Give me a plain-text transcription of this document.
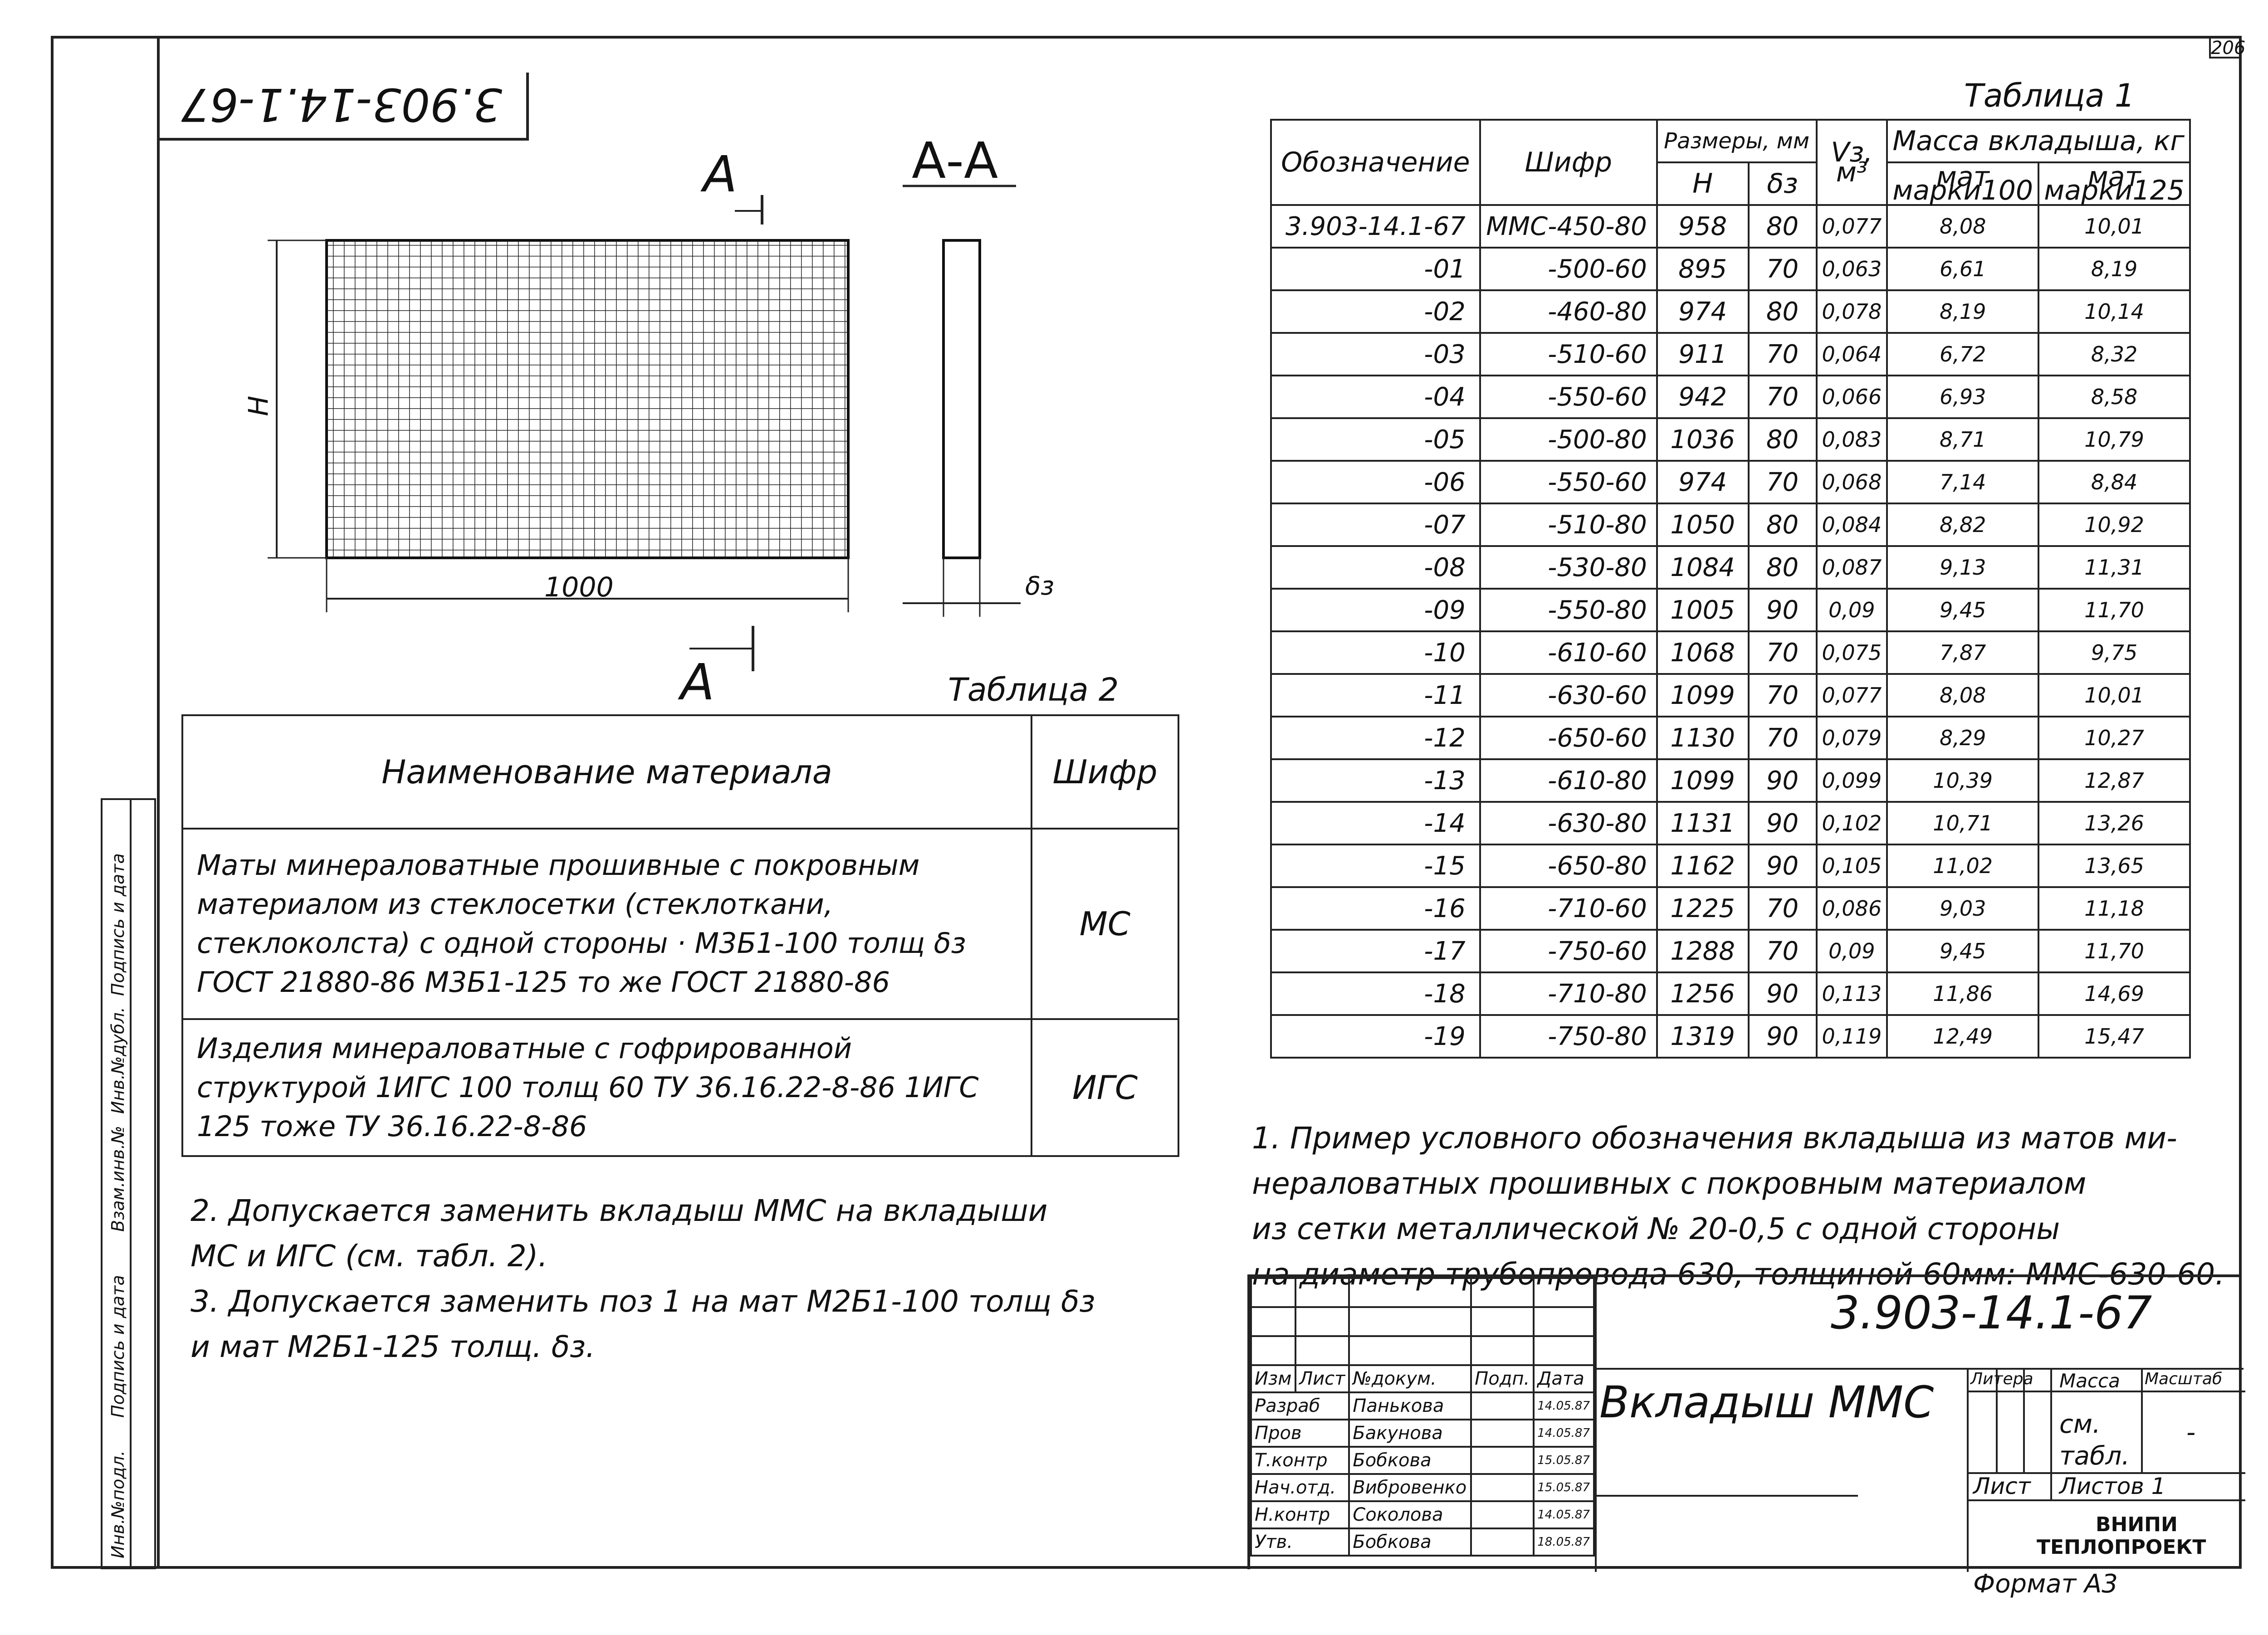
206
3.903-14.1-67
Инв.№подл.
Подпись и дата
Взам.инв.№
Инв.№дубл.
Подпись и дата
А
А
А-А
H
1000	δз
Таблица 1
Обозначение	Шифр	Размеры, мм		Vз, м³	Масса вкладыша, кг	
		H	δз		мат марки100	мат марки125
3.903-14.1-67	ММС-450-80	958	80	0,077	8,08	10,01
-01	-500-60	895	70	0,063	6,61	8,19
-02	-460-80	974	80	0,078	8,19	10,14
-03	-510-60	911	70	0,064	6,72	8,32
-04	-550-60	942	70	0,066	6,93	8,58
-05	-500-80	1036	80	0,083	8,71	10,79
-06	-550-60	974	70	0,068	7,14	8,84
-07	-510-80	1050	80	0,084	8,82	10,92
-08	-530-80	1084	80	0,087	9,13	11,31
-09	-550-80	1005	90	0,09	9,45	11,70
-10	-610-60	1068	70	0,075	7,87	9,75
-11	-630-60	1099	70	0,077	8,08	10,01
-12	-650-60	1130	70	0,079	8,29	10,27
-13	-610-80	1099	90	0,099	10,39	12,87
-14	-630-80	1131	90	0,102	10,71	13,26
-15	-650-80	1162	90	0,105	11,02	13,65
-16	-710-60	1225	70	0,086	9,03	11,18
-17	-750-60	1288	70	0,09	9,45	11,70
-18	-710-80	1256	90	0,113	11,86	14,69
-19	-750-80	1319	90	0,119	12,49	15,47
Таблица 2
Наименование материала	Шифр
Маты минераловатные прошивные с покровным материалом из стеклосетки (стеклоткани, стеклоколста) с одной стороны · М3Б1-100 толщ δз ГОСТ 21880-86 М3Б1-125 то же ГОСТ 21880-86	МС
Изделия минераловатные с гофрированной структурой 1ИГС 100 толщ 60 ТУ 36.16.22-8-86 1ИГС 125 тоже ТУ 36.16.22-8-86	ИГС
1. Пример условного обозначения вкладыша из матов ми-
нераловатных прошивных с покровным материалом
из сетки металлической № 20-0,5 с одной стороны
на диаметр трубопровода 630, толщиной 60мм: ММС-630-60.
2. Допускается заменить вкладыш ММС на вкладыши
МС и ИГС (см. табл. 2).
3. Допускается заменить поз 1 на мат М2Б1-100 толщ δз
и мат М2Б1-125 толщ. δз.

Изм	Лист	№докум.	Подп.	Дата
Разраб		Паньковa		14.05.87
Пров		Бакунова		14.05.87
Т.контр		Бобкова		15.05.87
Нач.отд.		Вибровенко		15.05.87
Н.контр		Соколова		14.05.87
Утв.		Бобкова		18.05.87
3.903-14.1-67
Вкладыш ММС Литера Масса Масштаб
см. табл.
-
Лист Листов 1
ВНИПИ
ТЕПЛОПРОЕКТ
Формат А3
